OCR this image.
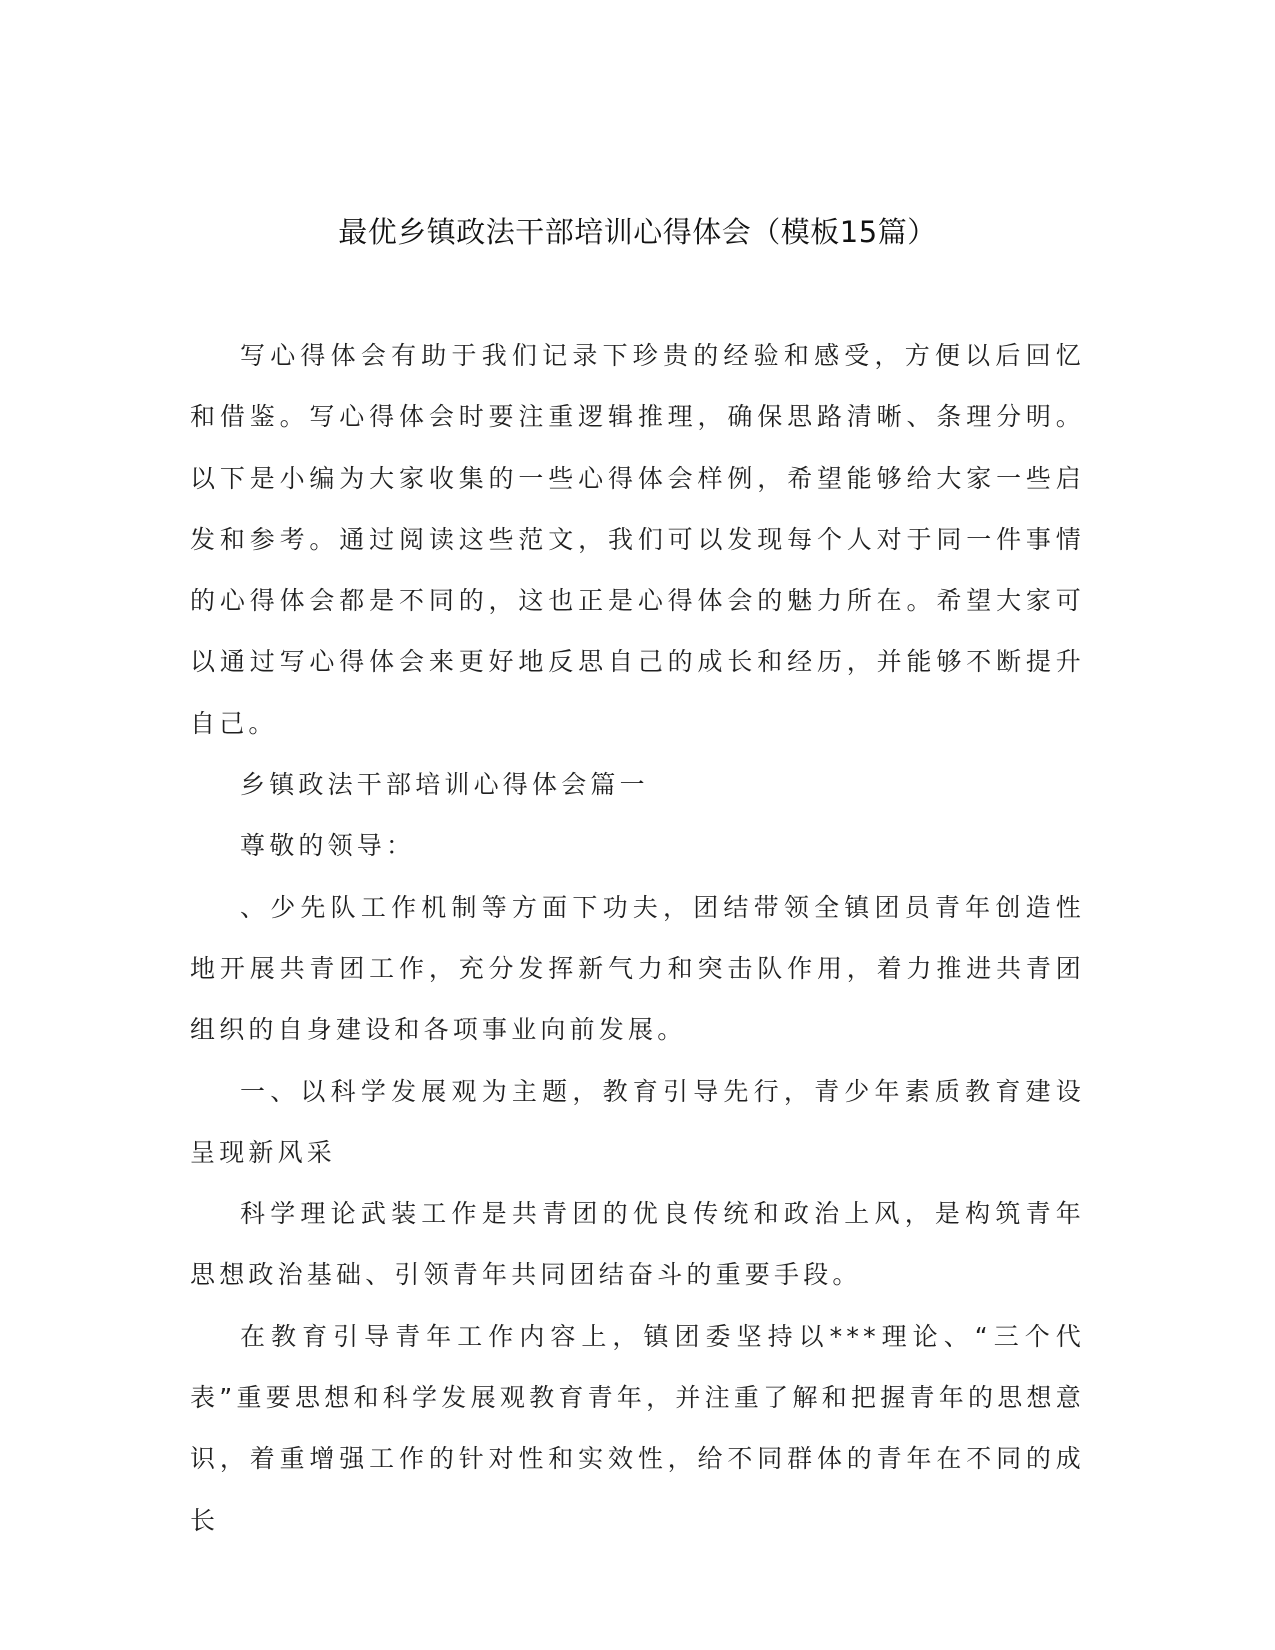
最优乡镇政法干部培训心得体会（模板15篇）

写心得体会有助于我们记录下珍贵的经验和感受，方便以后回忆和借鉴。写心得体会时要注重逻辑推理，确保思路清晰、条理分明。以下是小编为大家收集的一些心得体会样例，希望能够给大家一些启发和参考。通过阅读这些范文，我们可以发现每个人对于同一件事情的心得体会都是不同的，这也正是心得体会的魅力所在。希望大家可以通过写心得体会来更好地反思自己的成长和经历，并能够不断提升自己。

乡镇政法干部培训心得体会篇一

尊敬的领导：

、少先队工作机制等方面下功夫，团结带领全镇团员青年创造性地开展共青团工作，充分发挥新气力和突击队作用，着力推进共青团组织的自身建设和各项事业向前发展。

一、以科学发展观为主题，教育引导先行，青少年素质教育建设呈现新风采

科学理论武装工作是共青团的优良传统和政治上风，是构筑青年思想政治基础、引领青年共同团结奋斗的重要手段。

在教育引导青年工作内容上，镇团委坚持以***理论、“三个代表”重要思想和科学发展观教育青年，并注重了解和把握青年的思想意识，着重增强工作的针对性和实效性，给不同群体的青年在不同的成长
